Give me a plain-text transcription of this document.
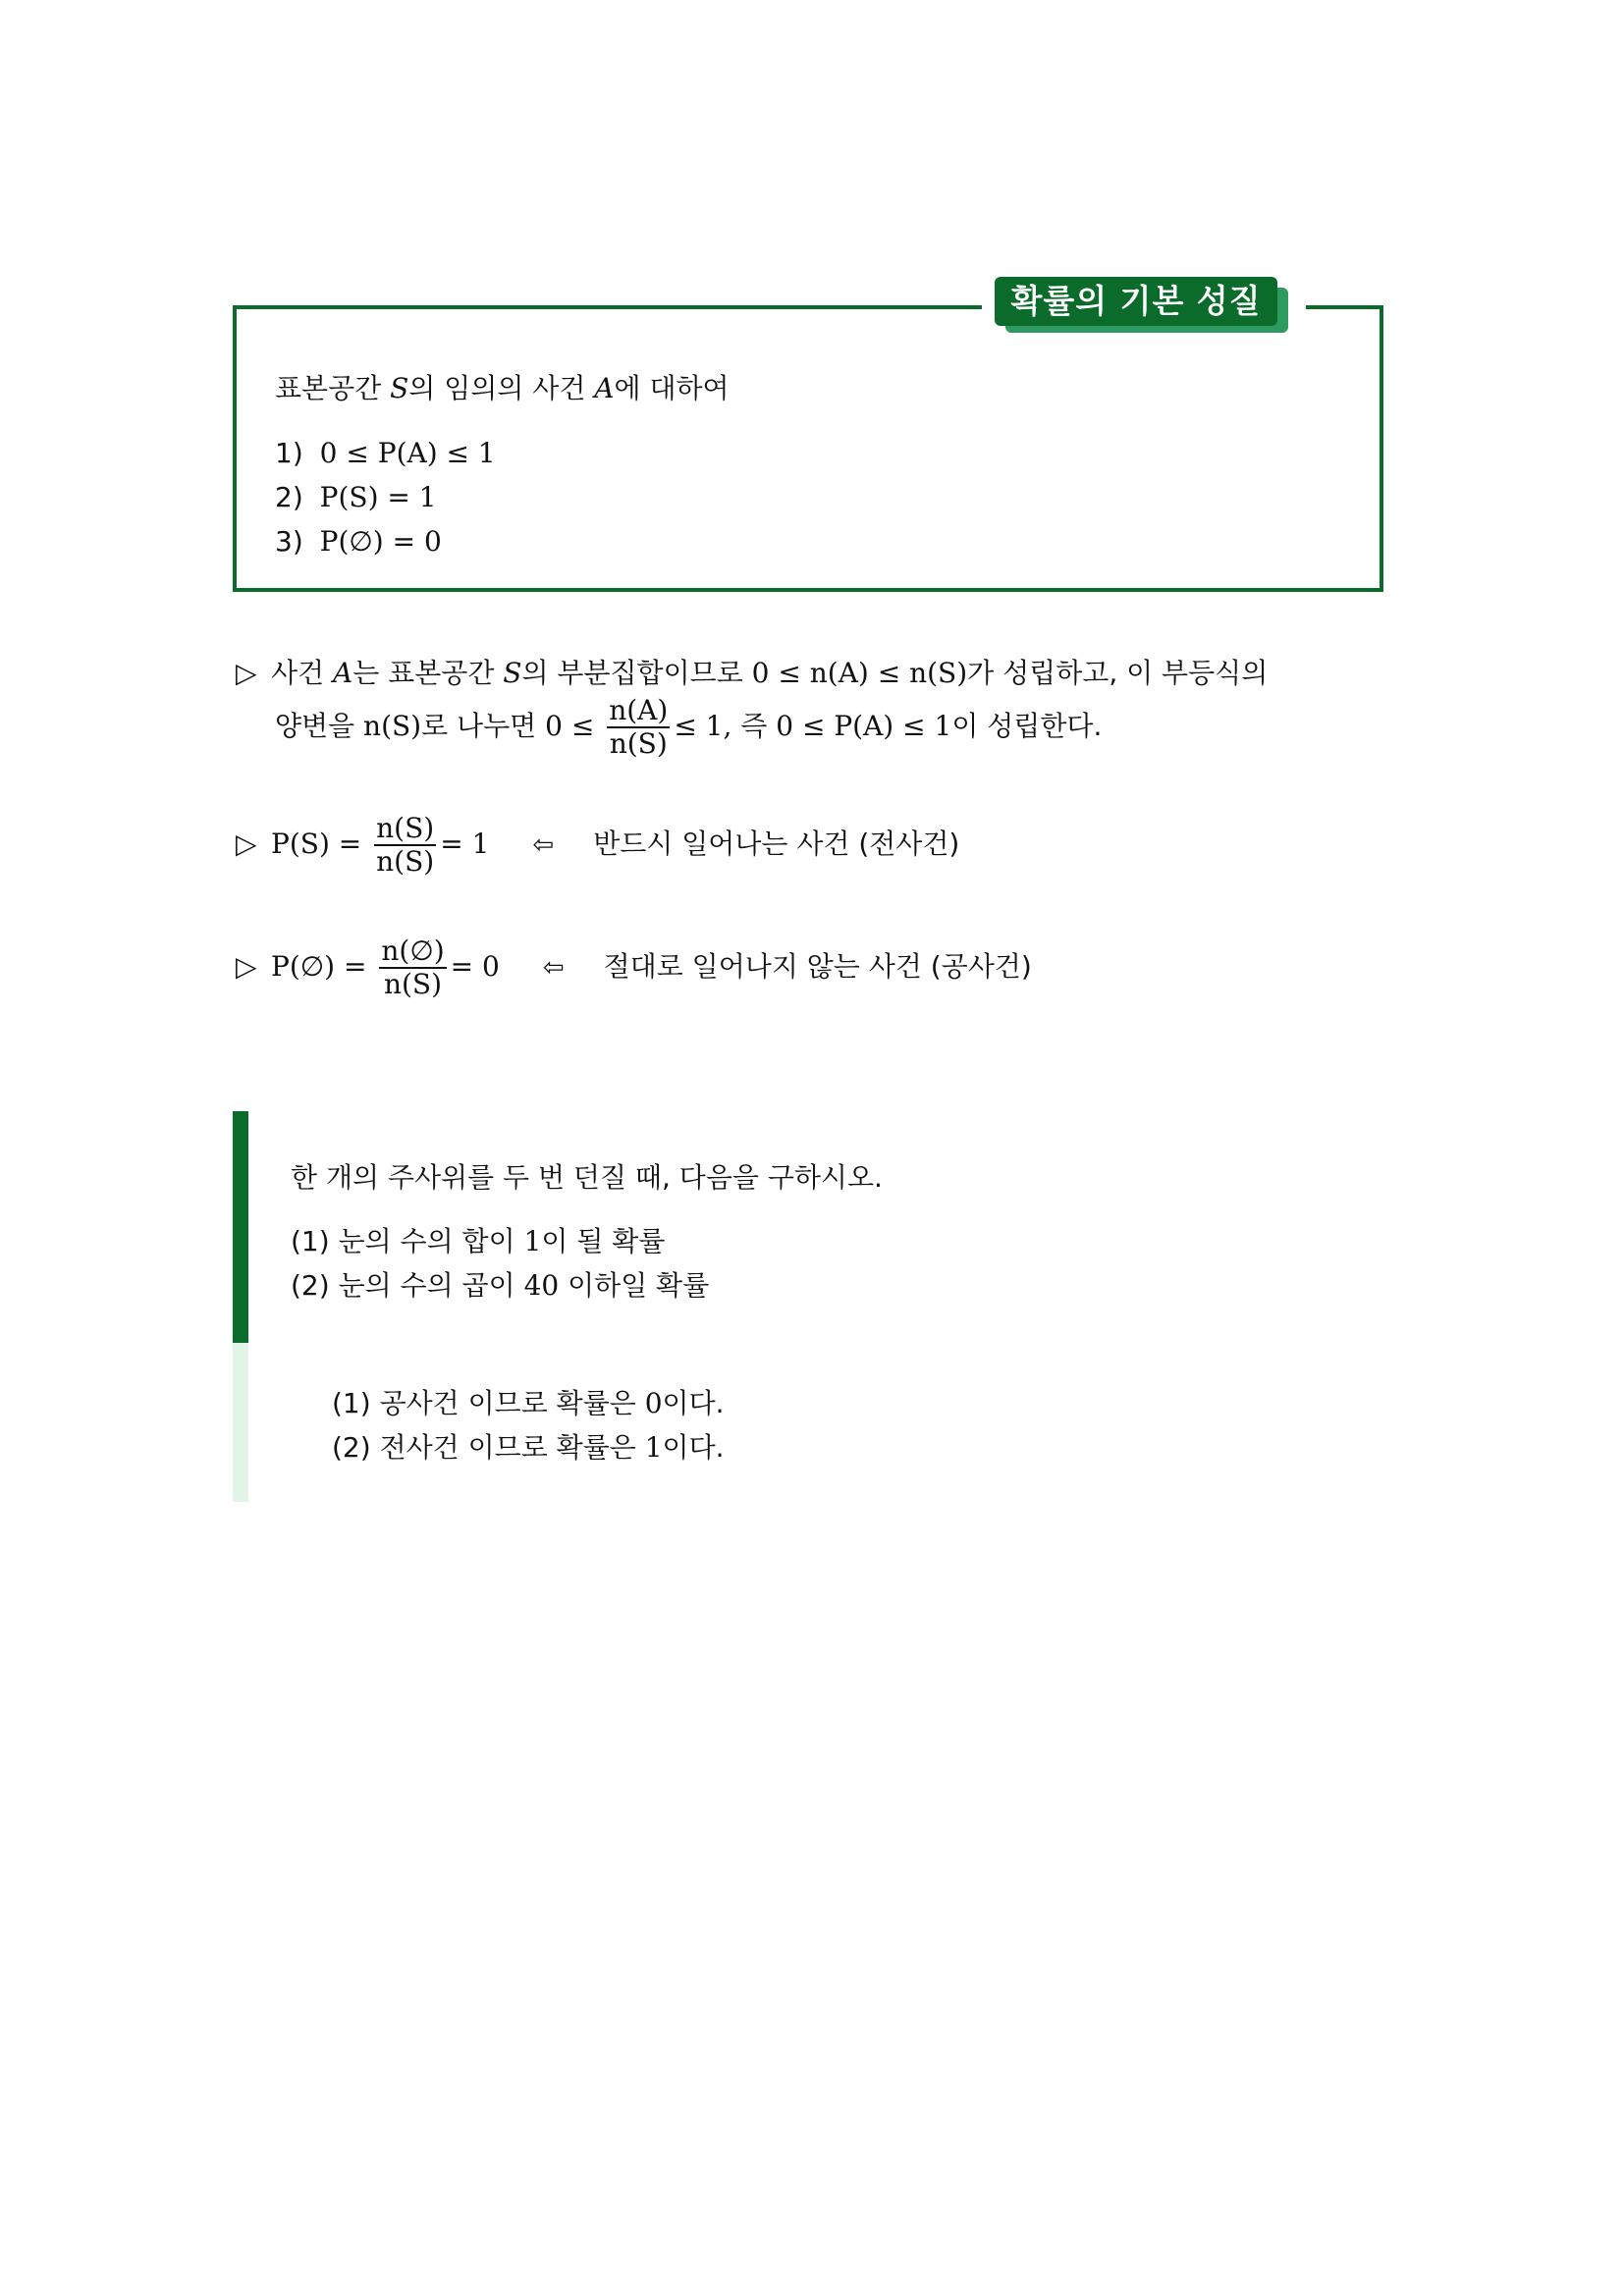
확률의 기본 성질
표본공간 S의 임의의 사건 A에 대하여
1) 0 ≤ P(A) ≤ 1
2) P(S) = 1
3) P(∅) = 0
▷ 사건 A는 표본공간 S의 부분집합이므로 0 ≤ n(A) ≤ n(S)가 성립하고, 이 부등식의
양변을 n(S)로 나누면 $0 \le \frac{n(A)}{n(S)} \le 1$, 즉 0 ≤ P(A) ≤ 1이 성립한다.
▷ $P(S) = \frac{n(S)}{n(S)} = 1$ ⇦ 반드시 일어나는 사건 (전사건)
▷ P(∅) = $\frac{n(\emptyset)}{n(S)} = 0$ ⇦ 절대로 일어나지 않는 사건 (공사건)
한 개의 주사위를 두 번 던질 때, 다음을 구하시오.
(1) 눈의 수의 합이 1이 될 확률
(2) 눈의 수의 곱이 40 이하일 확률
(1) 공사건 이므로 확률은 0이다.
(2) 전사건 이므로 확률은 1이다.
